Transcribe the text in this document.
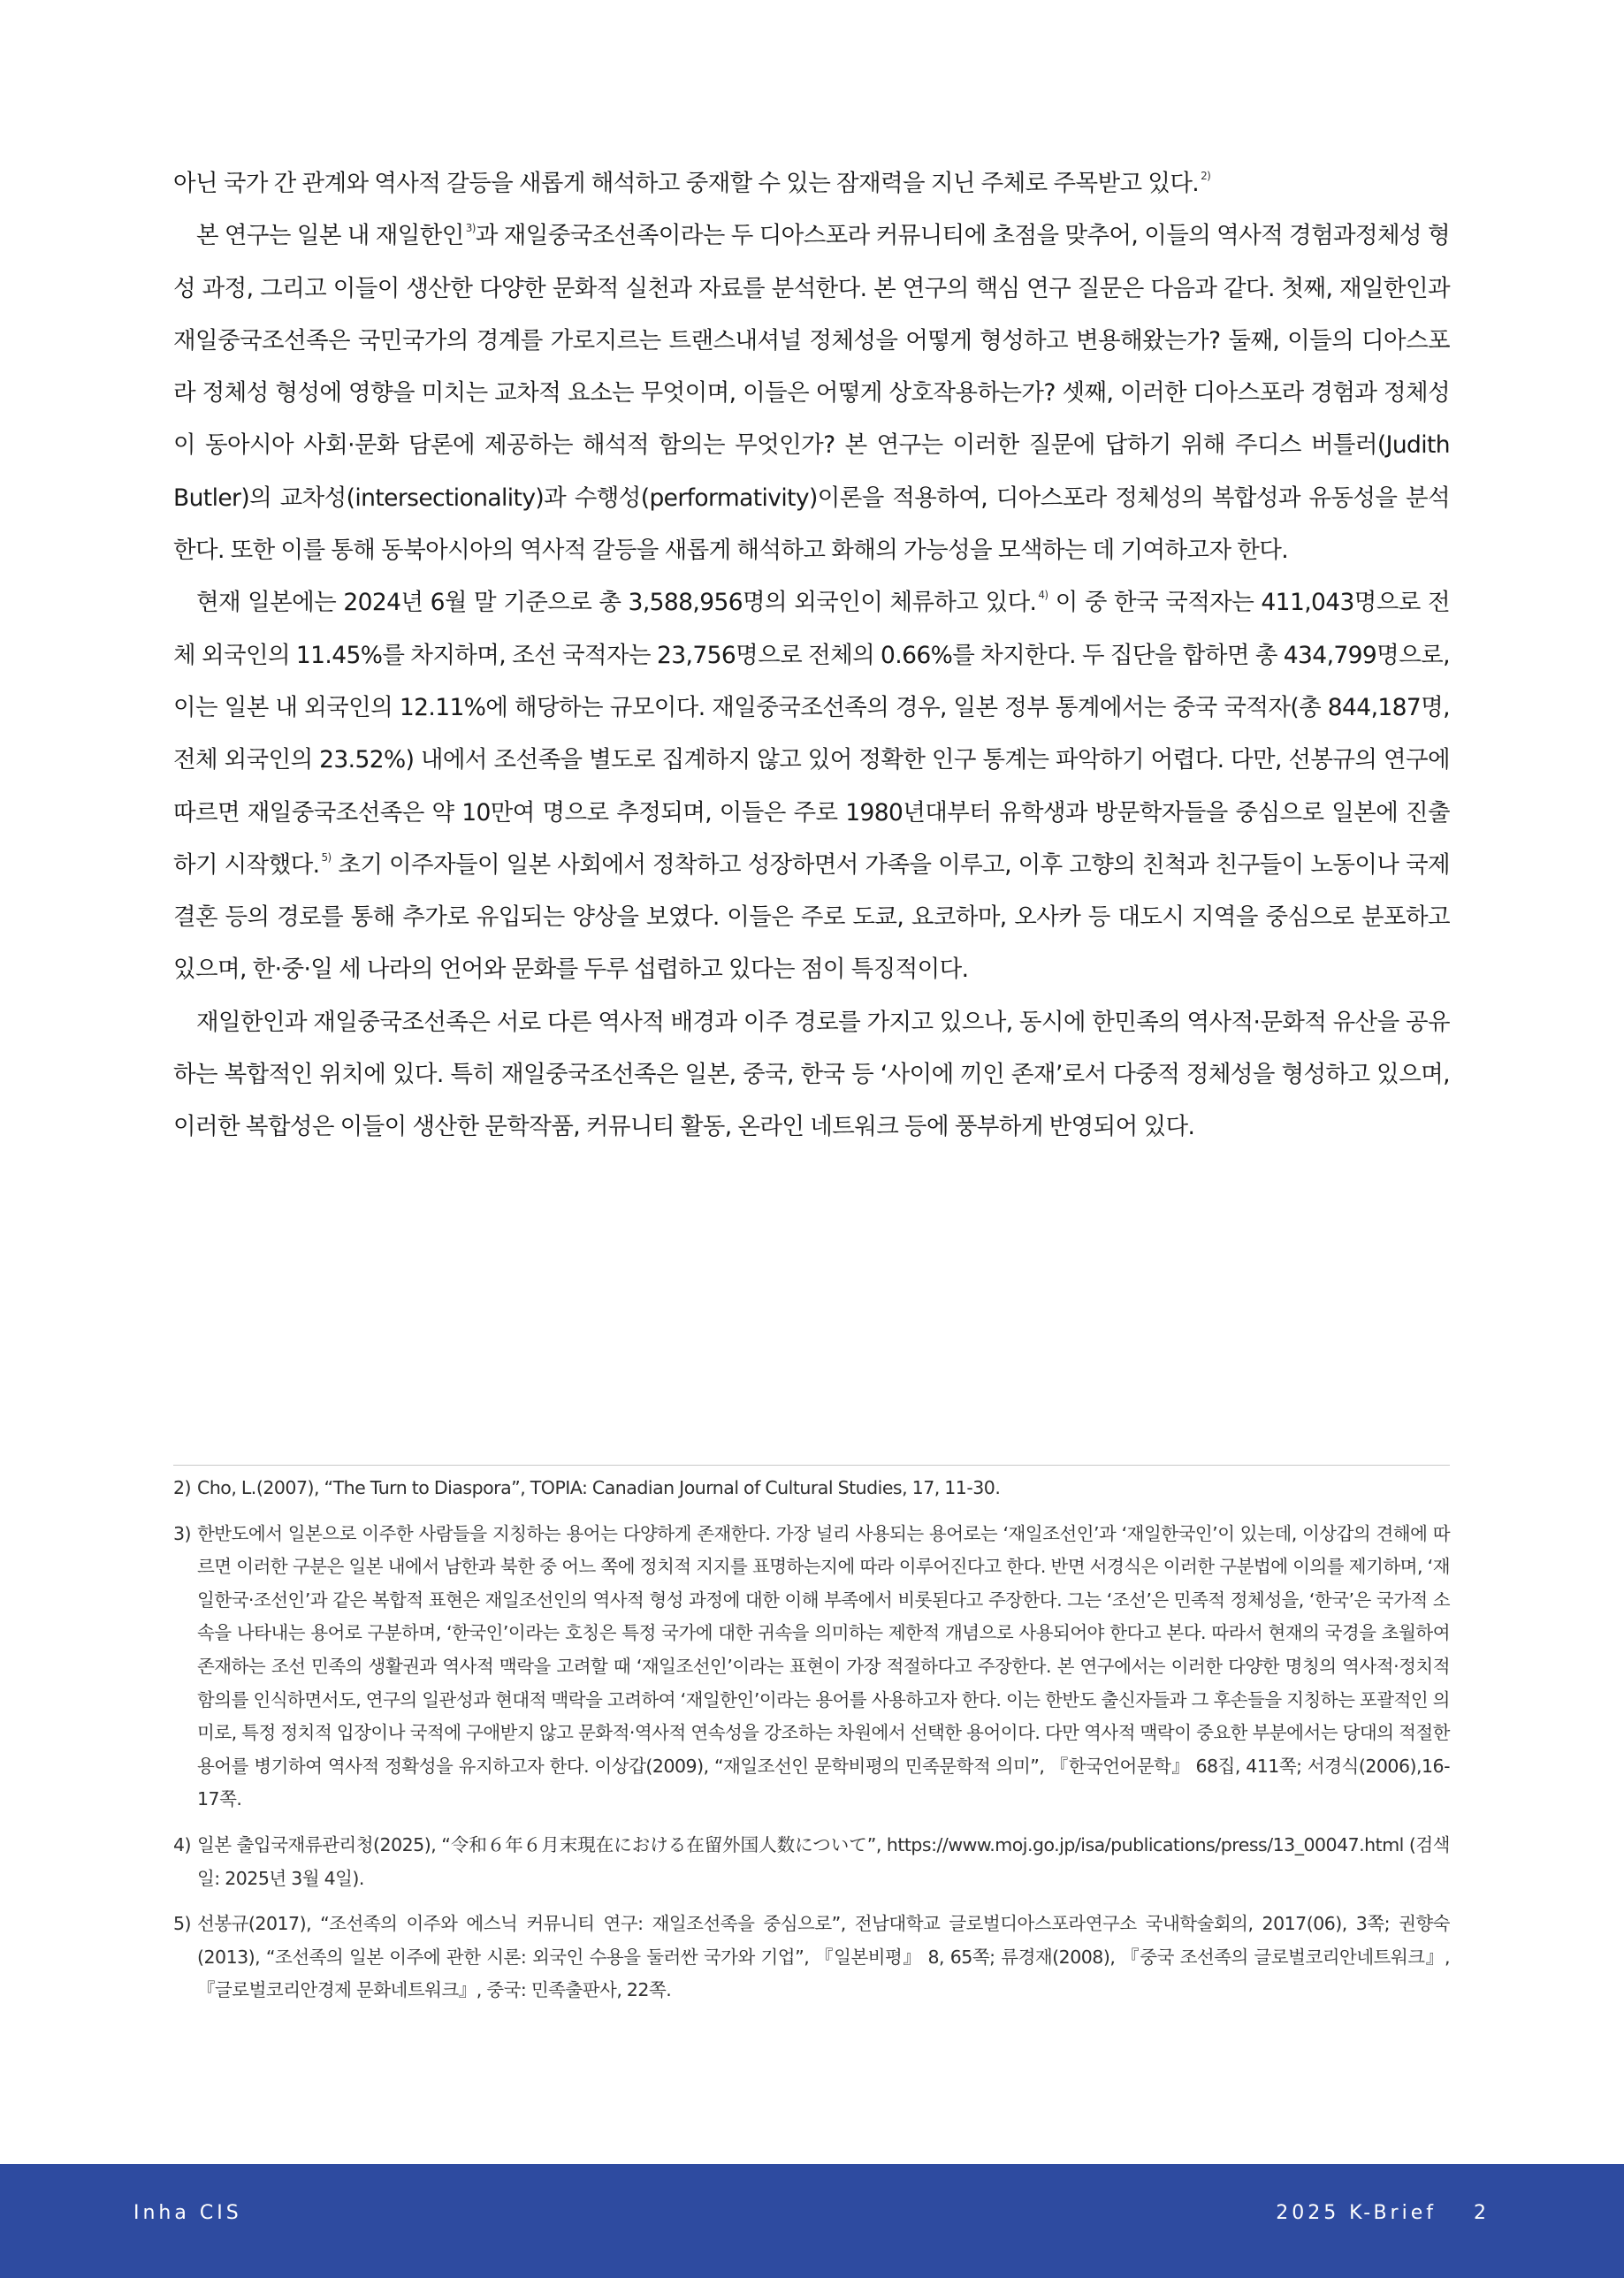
아닌 국가 간 관계와 역사적 갈등을 새롭게 해석하고 중재할 수 있는 잠재력을 지닌 주체로 주목받고 있다. $^{2)}$

본 연구는 일본 내 재일한인 $^{3)}$과 재일중국조선족이라는 두 디아스포라 커뮤니티에 초점을 맞추어, 이들의 역사적 경험과정체성 형성 과정, 그리고 이들이 생산한 다양한 문화적 실천과 자료를 분석한다. 본 연구의 핵심 연구 질문은 다음과 같다. 첫째, 재일한인과 재일중국조선족은 국민국가의 경계를 가로지르는 트랜스내셔널 정체성을 어떻게 형성하고 변용해왔는가? 둘째, 이들의 디아스포라 정체성 형성에 영향을 미치는 교차적 요소는 무엇이며, 이들은 어떻게 상호작용하는가? 셋째, 이러한 디아스포라 경험과 정체성이 동아시아 사회·문화 담론에 제공하는 해석적 함의는 무엇인가? 본 연구는 이러한 질문에 답하기 위해 주디스 버틀러(Judith Butler)의 교차성(intersectionality)과 수행성(performativity)이론을 적용하여, 디아스포라 정체성의 복합성과 유동성을 분석한다. 또한 이를 통해 동북아시아의 역사적 갈등을 새롭게 해석하고 화해의 가능성을 모색하는 데 기여하고자 한다.

현재 일본에는 2024년 6월 말 기준으로 총 3,588,956명의 외국인이 체류하고 있다. $^{4)}$ 이 중 한국 국적자는 411,043명으로 전체 외국인의 11.45%를 차지하며, 조선 국적자는 23,756명으로 전체의 0.66%를 차지한다. 두 집단을 합하면 총 434,799명으로, 이는 일본 내 외국인의 12.11%에 해당하는 규모이다. 재일중국조선족의 경우, 일본 정부 통계에서는 중국 국적자(총 844,187명, 전체 외국인의 23.52%) 내에서 조선족을 별도로 집계하지 않고 있어 정확한 인구 통계는 파악하기 어렵다. 다만, 선봉규의 연구에 따르면 재일중국조선족은 약 10만여 명으로 추정되며, 이들은 주로 1980년대부터 유학생과 방문학자들을 중심으로 일본에 진출하기 시작했다. $^{5)}$ 초기 이주자들이 일본 사회에서 정착하고 성장하면서 가족을 이루고, 이후 고향의 친척과 친구들이 노동이나 국제결혼 등의 경로를 통해 추가로 유입되는 양상을 보였다. 이들은 주로 도쿄, 요코하마, 오사카 등 대도시 지역을 중심으로 분포하고 있으며, 한·중·일 세 나라의 언어와 문화를 두루 섭렵하고 있다는 점이 특징적이다.

재일한인과 재일중국조선족은 서로 다른 역사적 배경과 이주 경로를 가지고 있으나, 동시에 한민족의 역사적·문화적 유산을 공유하는 복합적인 위치에 있다. 특히 재일중국조선족은 일본, 중국, 한국 등 ‘사이에 끼인 존재’로서 다중적 정체성을 형성하고 있으며, 이러한 복합성은 이들이 생산한 문학작품, 커뮤니티 활동, 온라인 네트워크 등에 풍부하게 반영되어 있다.

2) Cho, L.(2007), “The Turn to Diaspora”, TOPIA: Canadian Journal of Cultural Studies, 17, 11-30.
3) 한반도에서 일본으로 이주한 사람들을 지칭하는 용어는 다양하게 존재한다. 가장 널리 사용되는 용어로는 ‘재일조선인’과 ‘재일한국인’이 있는데, 이상갑의 견해에 따르면 이러한 구분은 일본 내에서 남한과 북한 중 어느 쪽에 정치적 지지를 표명하는지에 따라 이루어진다고 한다. 반면 서경식은 이러한 구분법에 이의를 제기하며, ‘재일한국·조선인’과 같은 복합적 표현은 재일조선인의 역사적 형성 과정에 대한 이해 부족에서 비롯된다고 주장한다. 그는 ‘조선’은 민족적 정체성을, ‘한국’은 국가적 소속을 나타내는 용어로 구분하며, ‘한국인’이라는 호칭은 특정 국가에 대한 귀속을 의미하는 제한적 개념으로 사용되어야 한다고 본다. 따라서 현재의 국경을 초월하여 존재하는 조선 민족의 생활권과 역사적 맥락을 고려할 때 ‘재일조선인’이라는 표현이 가장 적절하다고 주장한다. 본 연구에서는 이러한 다양한 명칭의 역사적·정치적 함의를 인식하면서도, 연구의 일관성과 현대적 맥락을 고려하여 ‘재일한인’이라는 용어를 사용하고자 한다. 이는 한반도 출신자들과 그 후손들을 지칭하는 포괄적인 의미로, 특정 정치적 입장이나 국적에 구애받지 않고 문화적·역사적 연속성을 강조하는 차원에서 선택한 용어이다. 다만 역사적 맥락이 중요한 부분에서는 당대의 적절한 용어를 병기하여 역사적 정확성을 유지하고자 한다. 이상갑(2009), “재일조선인 문학비평의 민족문학적 의미”, 『한국언어문학』 68집, 411쪽; 서경식(2006),16-17쪽.
4) 일본 출입국재류관리청(2025), “令和６年６月末現在における在留外国人数について”, https://www.moj.go.jp/isa/publications/press/13_00047.html (검색일: 2025년 3월 4일).
5) 선봉규(2017), “조선족의 이주와 에스닉 커뮤니티 연구: 재일조선족을 중심으로”, 전남대학교 글로벌디아스포라연구소 국내학술회의, 2017(06), 3쪽; 권향숙(2013), “조선족의 일본 이주에 관한 시론: 외국인 수용을 둘러싼 국가와 기업”, 『일본비평』 8, 65쪽; 류경재(2008), 『중국 조선족의 글로벌코리안네트워크』, 『글로벌코리안경제 문화네트워크』, 중국: 민족출판사, 22쪽.
Inha CIS	2025 K-Brief 2
